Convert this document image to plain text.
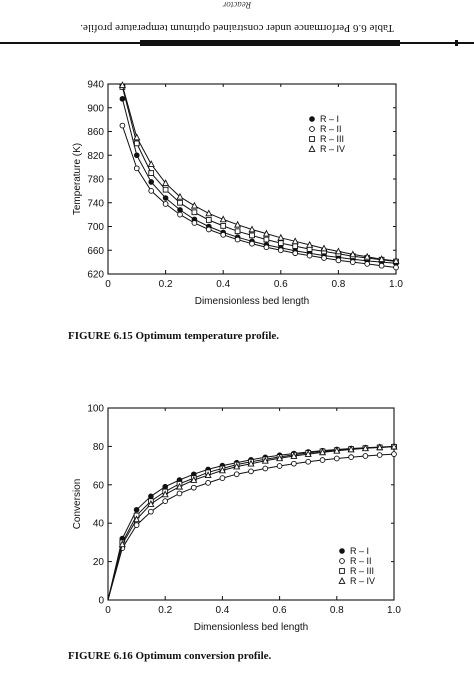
Reactor
Table 6.6 Performance under constrained optimum temperature profile.
0	0.2	0.4	0.6	0.8	1.0
620
660
700
740
780
820
860
900
940
Dimensionless bed length
Temperature (K)
R – I
R – II
R – III
R – IV
FIGURE 6.15 Optimum temperature profile.
0	0.2	0.4	0.6	0.8	1.0
0
20
40
60
80
100
Dimensionless bed length
Conversion
R – I
R – II
R – III
R – IV
FIGURE 6.16 Optimum conversion profile.
